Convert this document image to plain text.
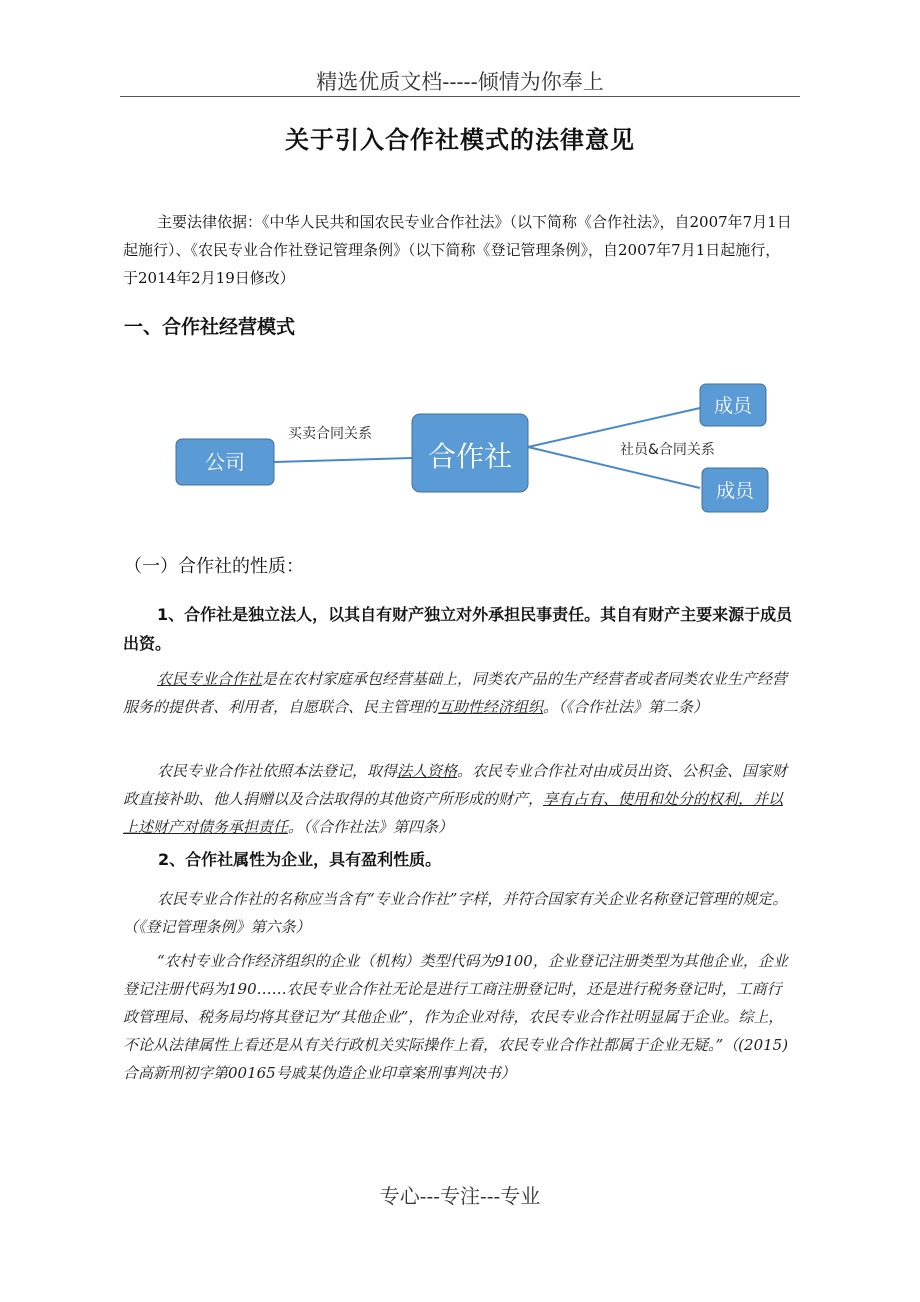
精选优质文档-----倾情为你奉上
关于引入合作社模式的法律意见

主要法律依据：《中华人民共和国农民专业合作社法》（以下简称《合作社法》，自2007年7月1日起施行）、《农民专业合作社登记管理条例》（以下简称《登记管理条例》，自2007年7月1日起施行，于2014年2月19日修改）

一、合作社经营模式
公司	合作社
成员
成员
买卖合同关系
社员&合同关系
（一）合作社的性质：

1、合作社是独立法人，以其自有财产独立对外承担民事责任。其自有财产主要来源于成员出资。

农民专业合作社是在农村家庭承包经营基础上，同类农产品的生产经营者或者同类农业生产经营服务的提供者、利用者，自愿联合、民主管理的互助性经济组织。（《合作社法》第二条）

农民专业合作社依照本法登记，取得法人资格。农民专业合作社对由成员出资、公积金、国家财政直接补助、他人捐赠以及合法取得的其他资产所形成的财产，享有占有、使用和处分的权利，并以上述财产对债务承担责任。（《合作社法》第四条）

2、合作社属性为企业，具有盈利性质。

农民专业合作社的名称应当含有“专业合作社”字样，并符合国家有关企业名称登记管理的规定。（《登记管理条例》第六条）

“农村专业合作经济组织的企业（机构）类型代码为9100，企业登记注册类型为其他企业，企业登记注册代码为190……农民专业合作社无论是进行工商注册登记时，还是进行税务登记时，工商行政管理局、税务局均将其登记为“其他企业”，作为企业对待，农民专业合作社明显属于企业。综上，不论从法律属性上看还是从有关行政机关实际操作上看，农民专业合作社都属于企业无疑。”（(2015)合高新刑初字第00165号戚某伪造企业印章案刑事判决书）

专心---专注---专业
